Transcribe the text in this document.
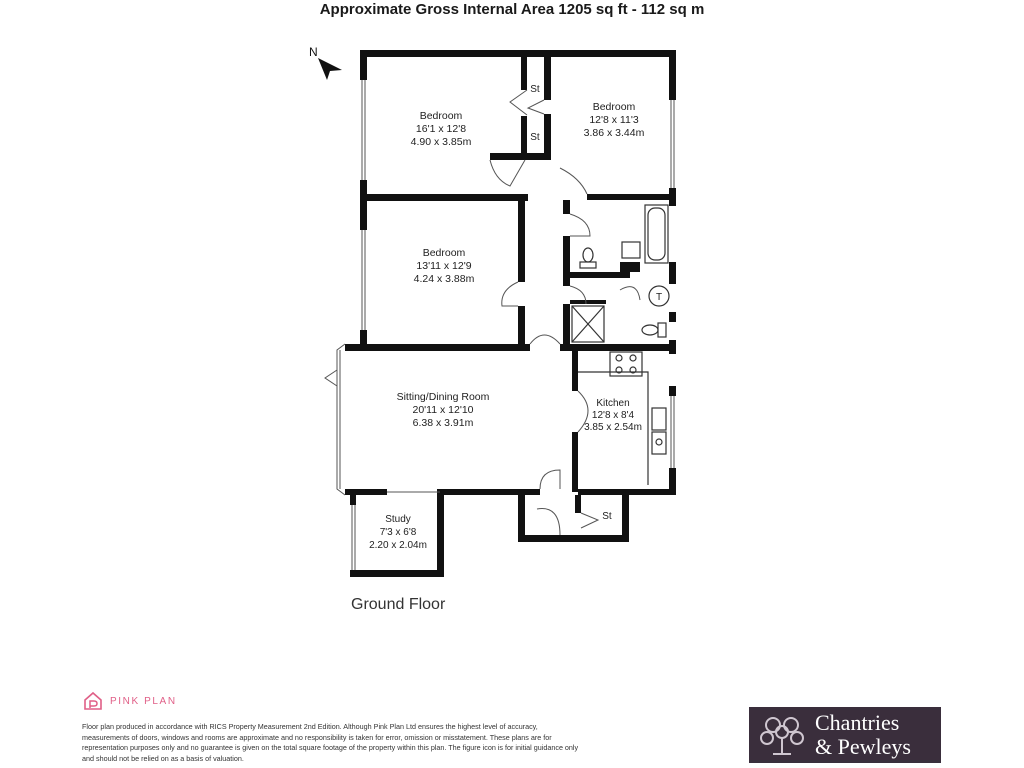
Approximate Gross Internal Area 1205 sq ft - 112 sq m
N
T
St
St
St
Bedroom
16'1 x 12'8
4.90 x 3.85m
Bedroom
12'8 x 11'3
3.86 x 3.44m
Bedroom
13'11 x 12'9
4.24 x 3.88m
Sitting/Dining Room
20'11 x 12'10
6.38 x 3.91m
Kitchen
12'8 x 8'4
3.85 x 2.54m
Study
7'3 x 6'8
2.20 x 2.04m
Ground Floor
PINK PLAN
Floor plan produced in accordance with RICS Property Measurement 2nd Edition. Although Pink Plan Ltd ensures the highest level of accuracy, measurements of doors, windows and rooms are approximate and no responsibility is taken for error, omission or misstatement. These plans are for representation purposes only and no guarantee is given on the total square footage of the property within this plan. The figure icon is for initial guidance only and should not be relied on as a basis of valuation.
Chantries
& Pewleys
